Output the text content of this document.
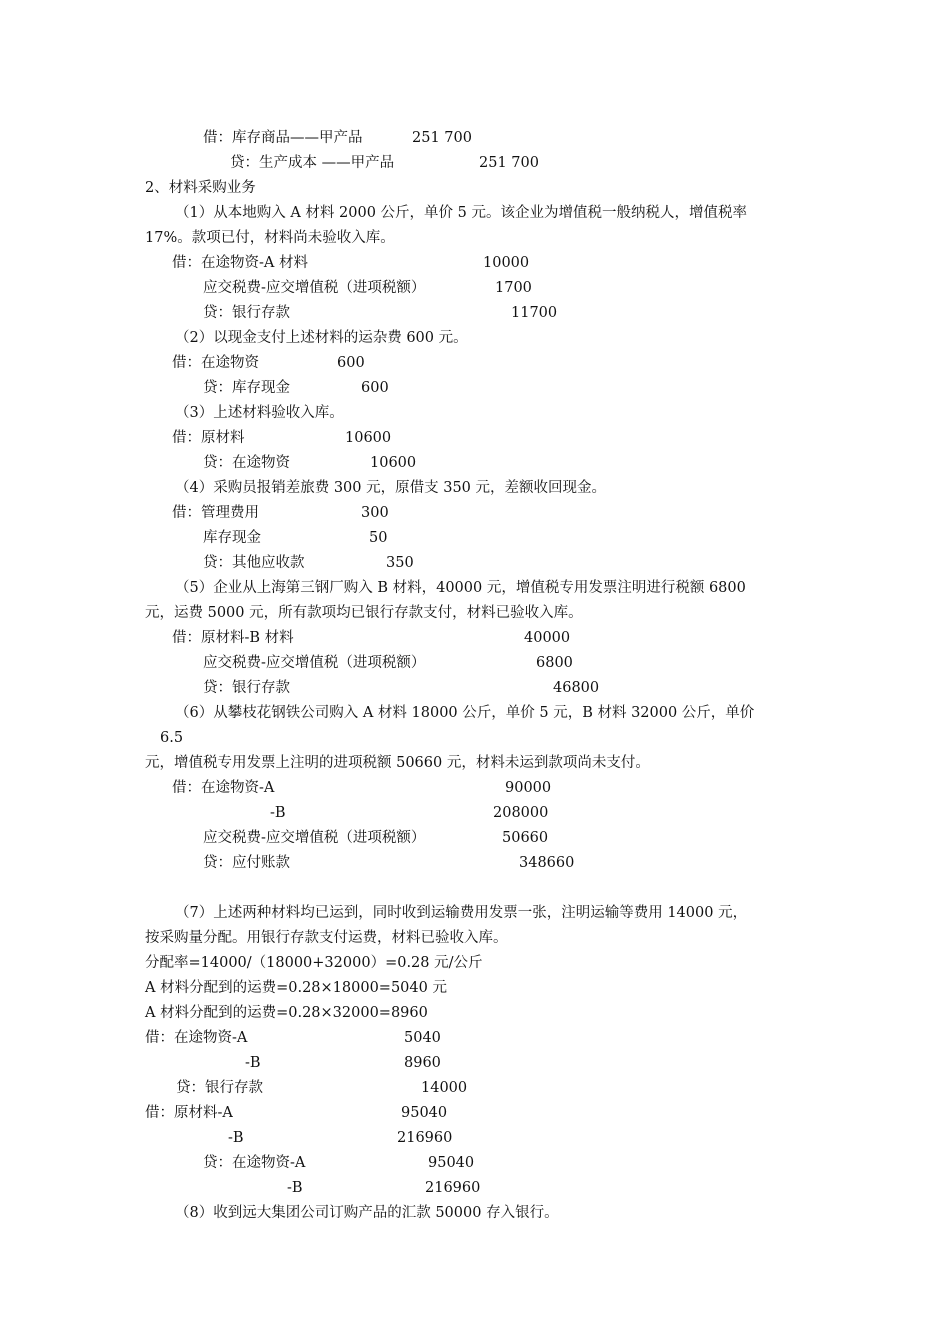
借：库存商品——甲产品	251 700
贷：生产成本 ——甲产品	251 700
2、材料采购业务
（1）从本地购入 A 材料 2000 公斤，单价 5 元。该企业为增值税一般纳税人，增值税率
17%。款项已付，材料尚未验收入库。
借：在途物资-A 材料	10000
应交税费-应交增值税（进项税额）	1700
贷：银行存款	11700
（2）以现金支付上述材料的运杂费 600 元。
借：在途物资	600
贷：库存现金	600
（3）上述材料验收入库。
借：原材料	10600
贷：在途物资	10600
（4）采购员报销差旅费 300 元，原借支 350 元，差额收回现金。
借：管理费用	300
库存现金	50
贷：其他应收款	350
（5）企业从上海第三钢厂购入 B 材料，40000 元，增值税专用发票注明进行税额 6800
元，运费 5000 元，所有款项均已银行存款支付，材料已验收入库。
借：原材料-B 材料	40000
应交税费-应交增值税（进项税额）	6800
贷：银行存款	46800
（6）从攀枝花钢铁公司购入 A 材料 18000 公斤，单价 5 元，B 材料 32000 公斤，单价
6.5
元，增值税专用发票上注明的进项税额 50660 元，材料未运到款项尚未支付。
借：在途物资-A	90000
-B	208000
应交税费-应交增值税（进项税额）	50660
贷：应付账款	348660
（7）上述两种材料均已运到，同时收到运输费用发票一张，注明运输等费用 14000 元，
按采购量分配。用银行存款支付运费，材料已验收入库。
分配率=14000/（18000+32000）=0.28 元/公斤
A 材料分配到的运费=0.28×18000=5040 元
A 材料分配到的运费=0.28×32000=8960
借：在途物资-A	5040
-B	8960
贷：银行存款	14000
借：原材料-A	95040
-B	216960
贷：在途物资-A	95040
-B	216960
（8）收到远大集团公司订购产品的汇款 50000 存入银行。
